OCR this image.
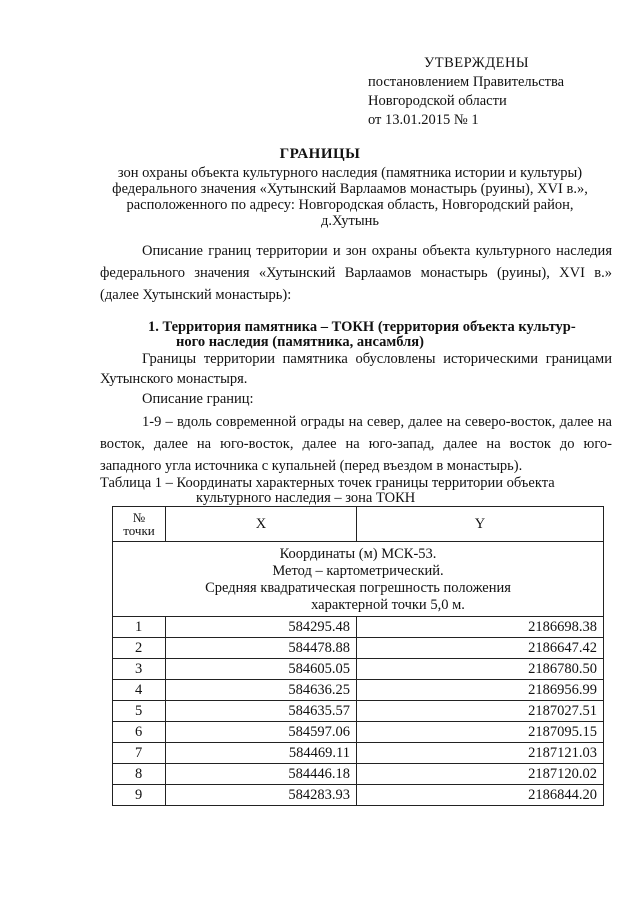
УТВЕРЖДЕНЫ
постановлением Правительства
Новгородской области
от 13.01.2015 № 1
ГРАНИЦЫ
зон охраны объекта культурного наследия (памятника истории и культуры) федерального значения «Хутынский Варлаамов монастырь (руины), XVI в.», расположенного по адресу: Новгородская область, Новгородский район, д.Хутынь
Описание границ территории и зон охраны объекта культурного наследия федерального значения «Хутынский Варлаамов монастырь (руины), XVI в.» (далее Хутынский монастырь):
1. Территория памятника – ТОКН (территория объекта культур-
ного наследия (памятника, ансамбля)
Границы территории памятника обусловлены историческими границами Хутынского монастыря.
Описание границ:
1-9 – вдоль современной ограды на север, далее на северо-восток, далее на восток, далее на юго-восток, далее на юго-запад, далее на восток до юго-западного угла источника с купальней (перед въездом в монастырь).
Таблица 1 – Координаты характерных точек границы территории объекта
культурного наследия – зона ТОКН
№
точки	X	Y

Координаты (м) МСК-53.
Метод – картометрический.
Средняя квадратическая погрешность положения
характерной точки 5,0 м.		

1	584295.48	2186698.38
2	584478.88	2186647.42
3	584605.05	2186780.50
4	584636.25	2186956.99
5	584635.57	2187027.51
6	584597.06	2187095.15
7	584469.11	2187121.03
8	584446.18	2187120.02
9	584283.93	2186844.20
